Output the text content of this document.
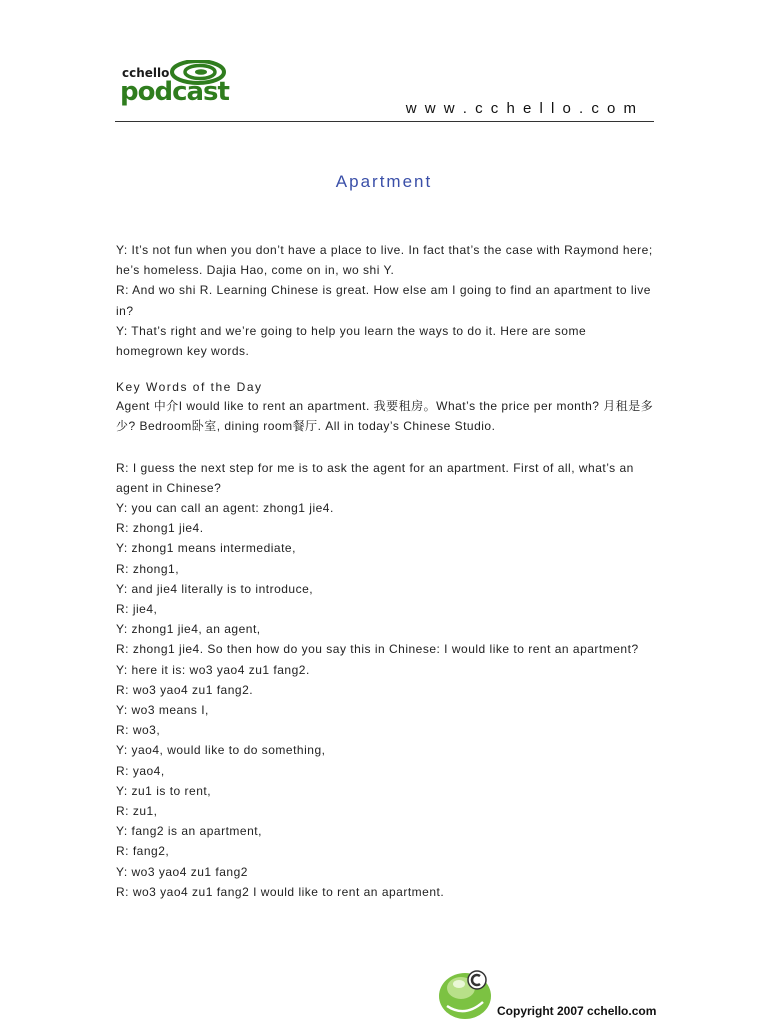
cchello
podcast
w w w . c c h e l l o . c o m
Apartment

Y: It’s not fun when you don’t have a place to live. In fact that’s the case with Raymond here; he’s homeless. Dajia Hao, come on in, wo shi Y.

R: And wo shi R. Learning Chinese is great. How else am I going to find an apartment to live in?

Y: That’s right and we’re going to help you learn the ways to do it. Here are some homegrown key words.

Key Words of the Day

Agent 中介I would like to rent an apartment. 我要租房。What’s the price per month? 月租是多少? Bedroom卧室, dining room餐厅. All in today’s Chinese Studio.

R: I guess the next step for me is to ask the agent for an apartment. First of all, what’s an agent in Chinese?

Y: you can call an agent: zhong1 jie4.

R: zhong1 jie4.

Y: zhong1 means intermediate,

R: zhong1,

Y: and jie4 literally is to introduce,

R: jie4,

Y: zhong1 jie4, an agent,

R: zhong1 jie4. So then how do you say this in Chinese: I would like to rent an apartment?

Y: here it is: wo3 yao4 zu1 fang2.

R: wo3 yao4 zu1 fang2.

Y: wo3 means I,

R: wo3,

Y: yao4, would like to do something,

R: yao4,

Y: zu1 is to rent,

R: zu1,

Y: fang2 is an apartment,

R: fang2,

Y: wo3 yao4 zu1 fang2

R: wo3 yao4 zu1 fang2 I would like to rent an apartment.

Copyright 2007 cchello.com
